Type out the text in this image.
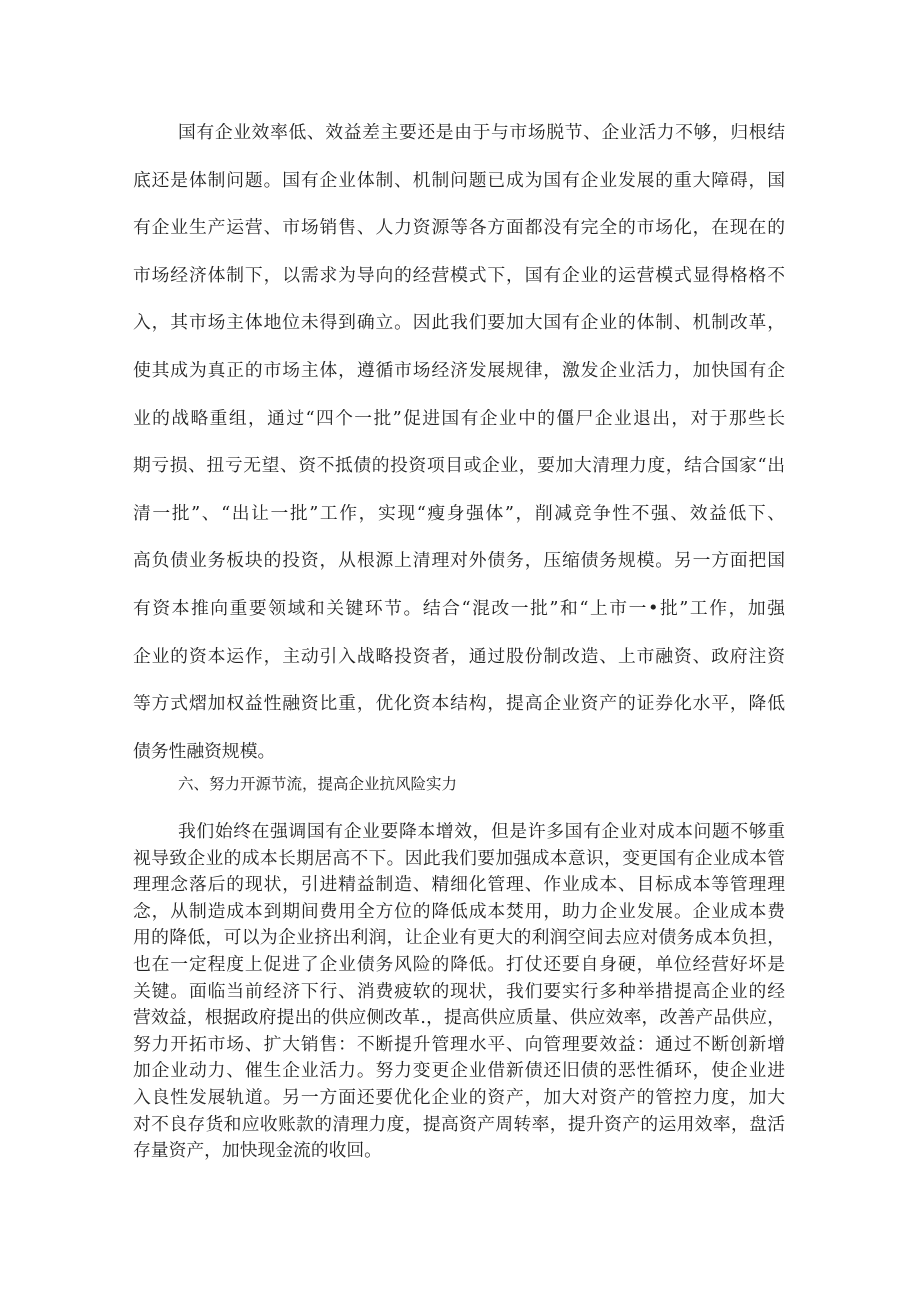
国有企业效率低、效益差主要还是由于与市场脱节、企业活力不够，归根结
底还是体制问题。国有企业体制、机制问题已成为国有企业发展的重大障碍，国
有企业生产运营、市场销售、人力资源等各方面都没有完全的市场化，在现在的
市场经济体制下，以需求为导向的经营模式下，国有企业的运营模式显得格格不
入，其市场主体地位未得到确立。因此我们要加大国有企业的体制、机制改革，
使其成为真正的市场主体，遵循市场经济发展规律，激发企业活力，加快国有企
业的战略重组，通过“四个一批”促进国有企业中的僵尸企业退出，对于那些长
期亏损、扭亏无望、资不抵债的投资项目或企业，要加大清理力度，结合国家“出
清一批”、“出让一批”工作，实现“瘦身强体”，削减竞争性不强、效益低下、
高负债业务板块的投资，从根源上清理对外债务，压缩债务规模。另一方面把国
有资本推向重要领域和关键环节。结合“混改一批”和“上市一•批”工作，加强
企业的资本运作，主动引入战略投资者，通过股份制改造、上市融资、政府注资
等方式熠加权益性融资比重，优化资本结构，提高企业资产的证券化水平，降低
债务性融资规模。
六、努力开源节流，提高企业抗风险实力
我们始终在强调国有企业要降本增效，但是许多国有企业对成本问题不够重
视导致企业的成本长期居高不下。因此我们要加强成本意识，变更国有企业成本管
理理念落后的现状，引进精益制造、精细化管理、作业成本、目标成本等管理理
念，从制造成本到期间费用全方位的降低成本焚用，助力企业发展。企业成本费
用的降低，可以为企业挤出利润，让企业有更大的利润空间去应对债务成本负担，
也在一定程度上促进了企业债务风险的降低。打仗还要自身硬，单位经营好坏是
关键。面临当前经济下行、消费疲软的现状，我们要实行多种举措提高企业的经
营效益，根据政府提出的供应侧改革.，提高供应质量、供应效率，改善产品供应，
努力开拓市场、扩大销售：不断提升管理水平、向管理要效益：通过不断创新增
加企业动力、催生企业活力。努力变更企业借新债还旧债的恶性循环，使企业进
入良性发展轨道。另一方面还要优化企业的资产，加大对资产的管控力度，加大
对不良存货和应收账款的清理力度，提高资产周转率，提升资产的运用效率，盘活
存量资产，加快现金流的收回。
